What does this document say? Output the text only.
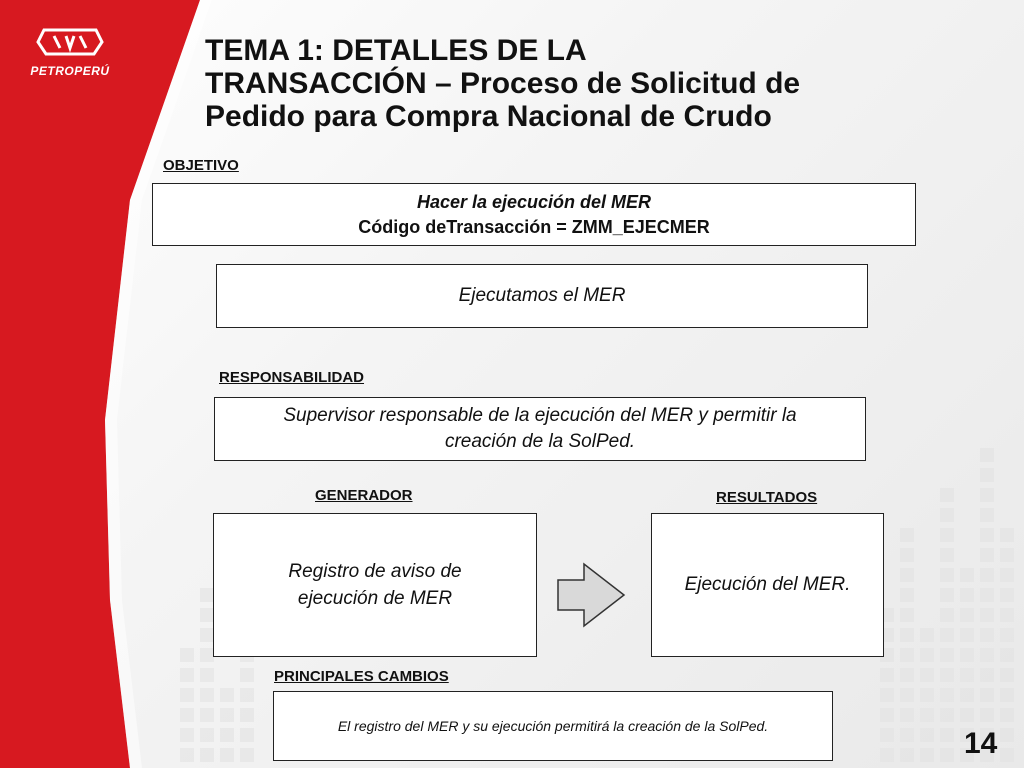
PETROPERÚ
TEMA 1: DETALLES DE LA
TRANSACCIÓN – Proceso de Solicitud de
Pedido para Compra Nacional de Crudo
OBJETIVO
Hacer la ejecución del MER
Código deTransacción = ZMM_EJECMER
Ejecutamos el MER
RESPONSABILIDAD
Supervisor responsable de la ejecución del MER y permitir la
creación de la SolPed.
GENERADOR
Registro de aviso de
ejecución de MER
RESULTADOS
Ejecución del MER.
PRINCIPALES CAMBIOS
El registro del MER y su ejecución permitirá la creación de la SolPed.
14
